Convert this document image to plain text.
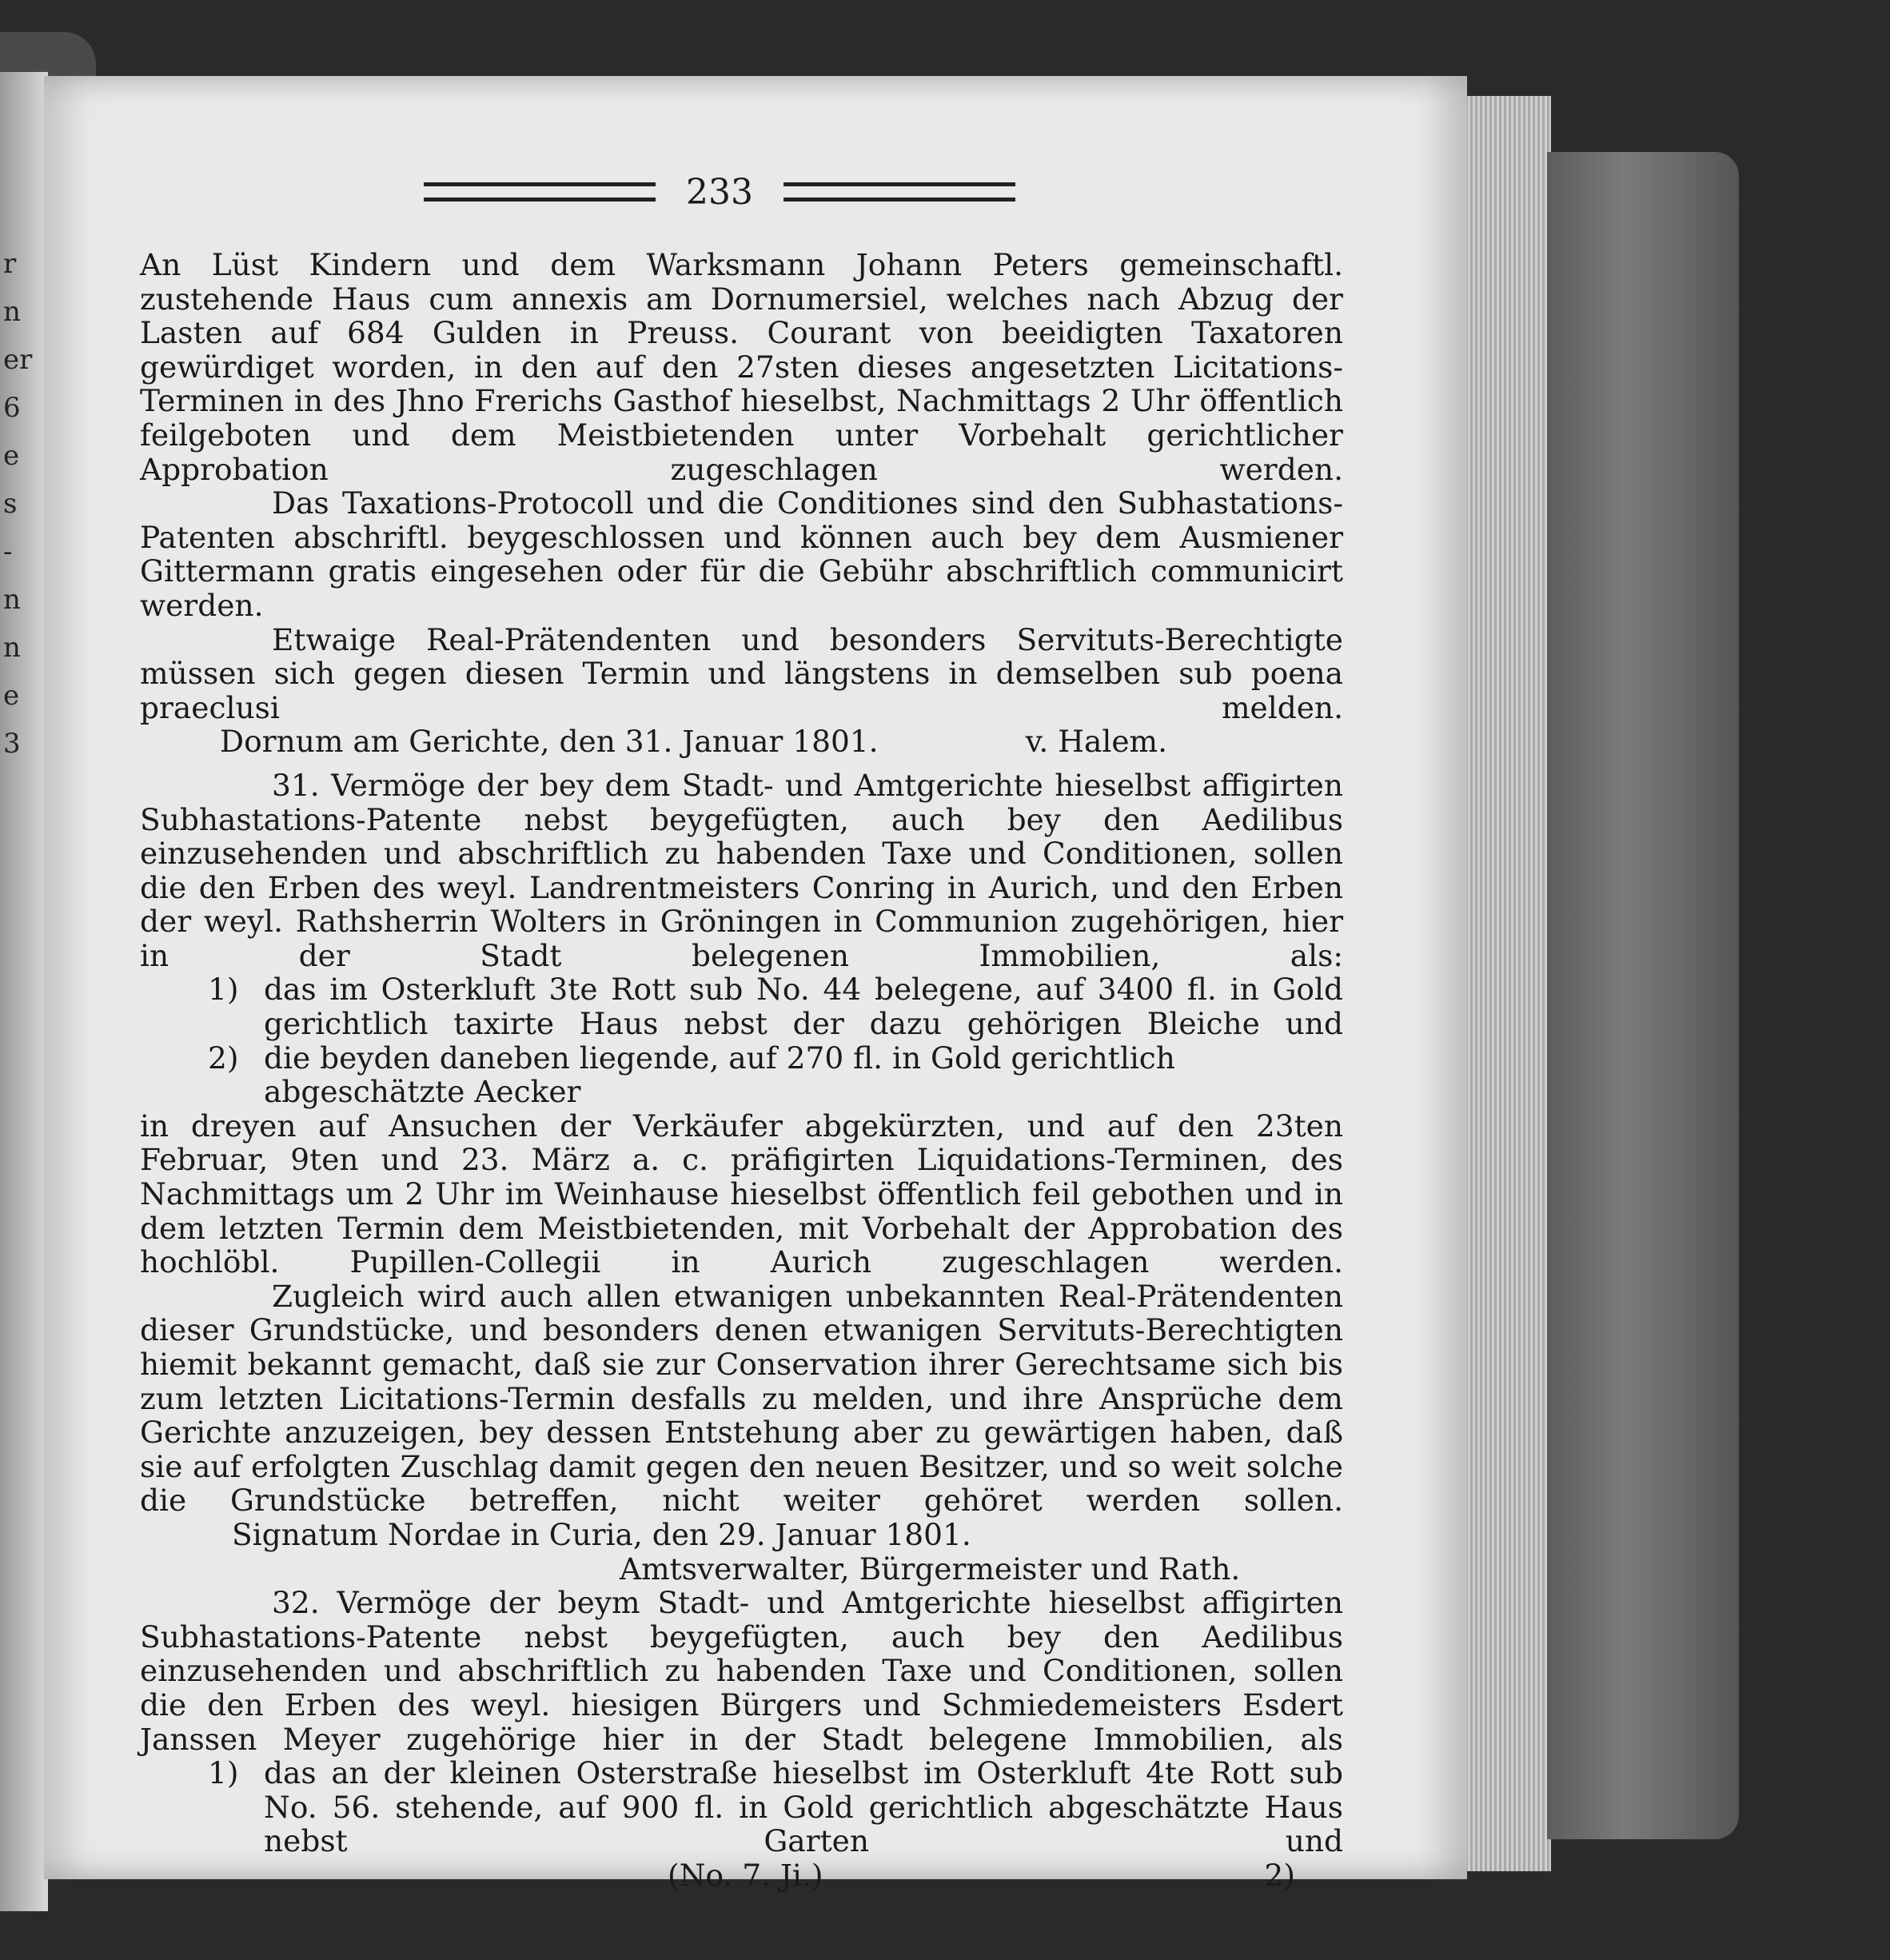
r
n
er
6
e
s
-
n
n
e
3
233

An Lüst Kindern und dem Warksmann Johann Peters gemeinschaftl. zustehende Haus cum annexis am Dornumersiel, welches nach Abzug der Lasten auf 684 Gulden in Preuss. Courant von beeidigten Taxatoren gewürdiget worden, in den auf den 27sten dieses angesetzten Licitations-Terminen in des Jhno Frerichs Gasthof hieselbst, Nachmittags 2 Uhr öffentlich feilgeboten und dem Meistbietenden unter Vorbehalt gerichtlicher Approbation zugeschlagen werden.

Das Taxations-Protocoll und die Conditiones sind den Subhastations-Patenten abschriftl. beygeschlossen und können auch bey dem Ausmiener Gittermann gratis eingesehen oder für die Gebühr abschriftlich communicirt werden.

Etwaige Real-Prätendenten und besonders Servituts-Berechtigte müssen sich gegen diesen Termin und längstens in demselben sub poena praeclusi melden.

Dornum am Gerichte, den 31. Januar 1801.	v. Halem.

31. Vermöge der bey dem Stadt- und Amtgerichte hieselbst affigirten Subhastations-Patente nebst beygefügten, auch bey den Aedilibus einzusehenden und abschriftlich zu habenden Taxe und Conditionen, sollen die den Erben des weyl. Landrentmeisters Conring in Aurich, und den Erben der weyl. Rathsherrin Wolters in Gröningen in Communion zugehörigen, hier in der Stadt belegenen Immobilien, als:

1) das im Osterkluft 3te Rott sub No. 44 belegene, auf 3400 fl. in Gold gerichtlich taxirte Haus nebst der dazu gehörigen Bleiche und
2) die beyden daneben liegende, auf 270 fl. in Gold gerichtlich abgeschätzte Aecker

in dreyen auf Ansuchen der Verkäufer abgekürzten, und auf den 23ten Februar, 9ten und 23. März a. c. präfigirten Liquidations-Terminen, des Nachmittags um 2 Uhr im Weinhause hieselbst öffentlich feil gebothen und in dem letzten Termin dem Meistbietenden, mit Vorbehalt der Approbation des hochlöbl. Pupillen-Collegii in Aurich zugeschlagen werden.

Zugleich wird auch allen etwanigen unbekannten Real-Prätendenten dieser Grundstücke, und besonders denen etwanigen Servituts-Berechtigten hiemit bekannt gemacht, daß sie zur Conservation ihrer Gerechtsame sich bis zum letzten Licitations-Termin desfalls zu melden, und ihre Ansprüche dem Gerichte anzuzeigen, bey dessen Entstehung aber zu gewärtigen haben, daß sie auf erfolgten Zuschlag damit gegen den neuen Besitzer, und so weit solche die Grundstücke betreffen, nicht weiter gehöret werden sollen.

Signatum Nordae in Curia, den 29. Januar 1801.

Amtsverwalter, Bürgermeister und Rath.

32. Vermöge der beym Stadt- und Amtgerichte hieselbst affigirten Subhastations-Patente nebst beygefügten, auch bey den Aedilibus einzusehenden und abschriftlich zu habenden Taxe und Conditionen, sollen die den Erben des weyl. hiesigen Bürgers und Schmiedemeisters Esdert Janssen Meyer zugehörige hier in der Stadt belegene Immobilien, als

1) das an der kleinen Osterstraße hieselbst im Osterkluft 4te Rott sub No. 56. stehende, auf 900 fl. in Gold gerichtlich abgeschätzte Haus nebst Garten und
(No. 7. Ji.)	2)
